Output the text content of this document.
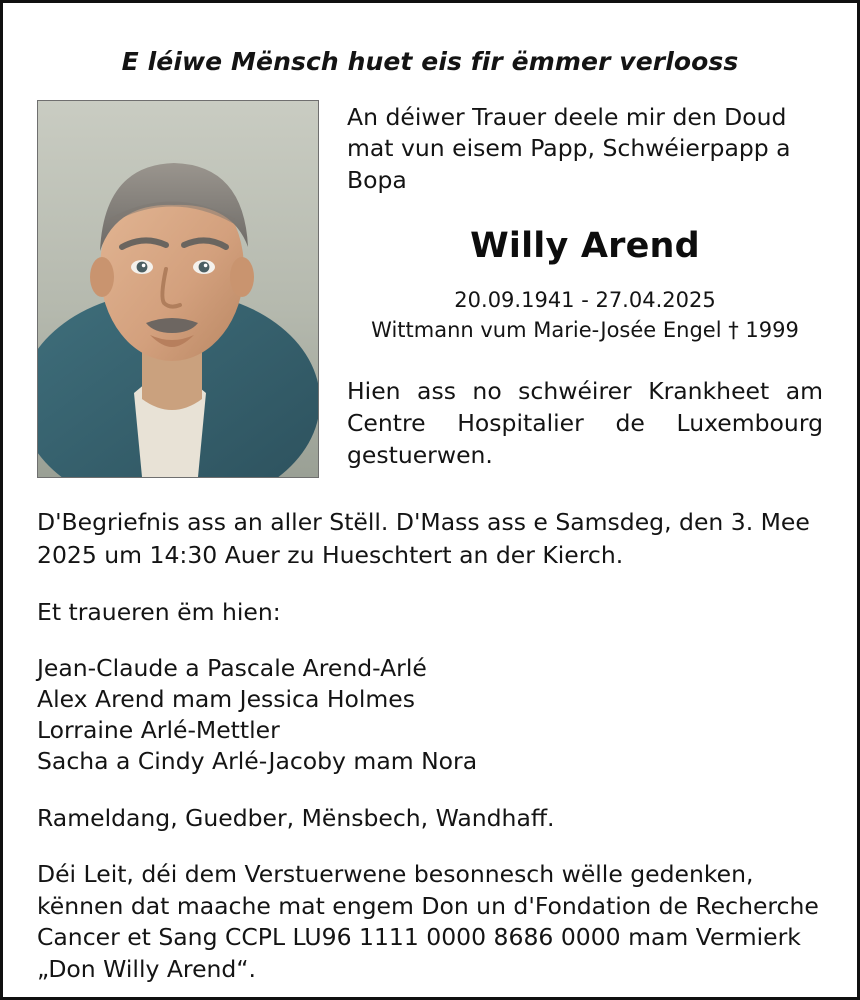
E léiwe Mënsch huet eis fir ëmmer verlooss
An déiwer Trauer deele mir den Doud mat vun eisem Papp, Schwéierpapp a Bopa
Willy Arend
20.09.1941 - 27.04.2025
Wittmann vum Marie-Josée Engel † 1999
Hien ass no schwéirer Krankheet am Centre Hospitalier de Luxembourg gestuerwen.

D'Begriefnis ass an aller Stëll. D'Mass ass e Samsdeg, den 3. Mee 2025 um 14:30 Auer zu Hueschtert an der Kierch.

Et traueren ëm hien:

Jean-Claude a Pascale Arend-Arlé
Alex Arend mam Jessica Holmes
Lorraine Arlé-Mettler
Sacha a Cindy Arlé-Jacoby mam Nora

Rameldang, Guedber, Mënsbech, Wandhaff.

Déi Leit, déi dem Verstuerwene besonnesch wëlle gedenken, kënnen dat maache mat engem Don un d'Fondation de Recherche Cancer et Sang CCPL LU96 1111 0000 8686 0000 mam Vermierk „Don Willy Arend“.
